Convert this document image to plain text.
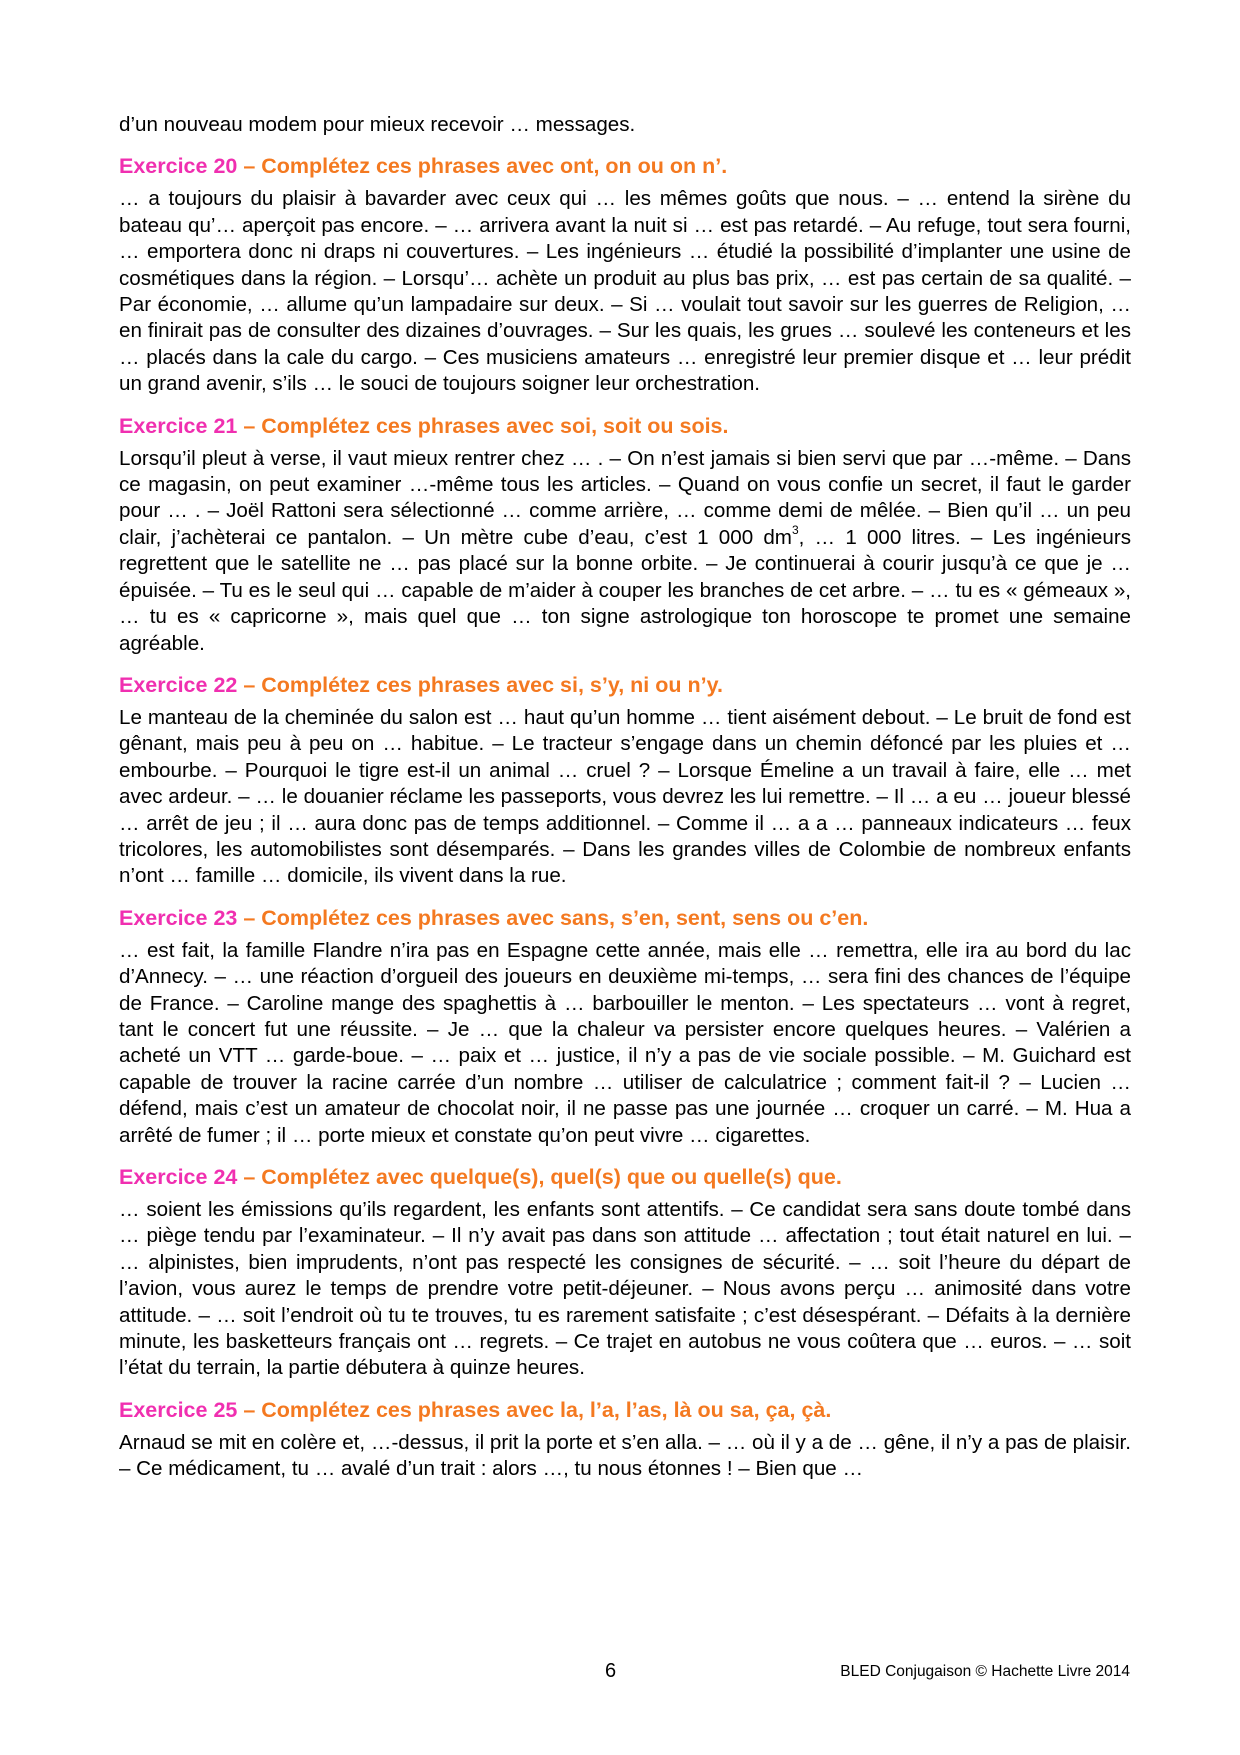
d’un nouveau modem pour mieux recevoir … messages.

Exercice 20 – Complétez ces phrases avec ont, on ou on n’.

… a toujours du plaisir à bavarder avec ceux qui … les mêmes goûts que nous. – … entend la sirène du bateau qu’… aperçoit pas encore. – … arrivera avant la nuit si … est pas retardé. – Au refuge, tout sera fourni, … emportera donc ni draps ni couvertures. – Les ingénieurs … étudié la possibilité d’implanter une usine de cosmétiques dans la région. – Lorsqu’… achète un produit au plus bas prix, … est pas certain de sa qualité. – Par économie, … allume qu’un lampadaire sur deux. – Si … voulait tout savoir sur les guerres de Religion, … en finirait pas de consulter des dizaines d’ouvrages. – Sur les quais, les grues … soulevé les conteneurs et les … placés dans la cale du cargo. – Ces musiciens amateurs … enregistré leur premier disque et … leur prédit un grand avenir, s’ils … le souci de toujours soigner leur orchestration.

Exercice 21 – Complétez ces phrases avec soi, soit ou sois.

Lorsqu’il pleut à verse, il vaut mieux rentrer chez … . – On n’est jamais si bien servi que par …-même. – Dans ce magasin, on peut examiner …-même tous les articles. – Quand on vous confie un secret, il faut le garder pour … . – Joël Rattoni sera sélectionné … comme arrière, … comme demi de mêlée. – Bien qu’il … un peu clair, j’achèterai ce pantalon. – Un mètre cube d’eau, c’est 1 000 $dm^3$, … 1 000 litres. – Les ingénieurs regrettent que le satellite ne … pas placé sur la bonne orbite. – Je continuerai à courir jusqu’à ce que je … épuisée. – Tu es le seul qui … capable de m’aider à couper les branches de cet arbre. – … tu es « gémeaux », … tu es « capricorne », mais quel que … ton signe astrologique ton horoscope te promet une semaine agréable.

Exercice 22 – Complétez ces phrases avec si, s’y, ni ou n’y.

Le manteau de la cheminée du salon est … haut qu’un homme … tient aisément debout. – Le bruit de fond est gênant, mais peu à peu on … habitue. – Le tracteur s’engage dans un chemin défoncé par les pluies et … embourbe. – Pourquoi le tigre est-il un animal … cruel ? – Lorsque Émeline a un travail à faire, elle … met avec ardeur. – … le douanier réclame les passeports, vous devrez les lui remettre. – Il … a eu … joueur blessé … arrêt de jeu ; il … aura donc pas de temps additionnel. – Comme il … a a … panneaux indicateurs … feux tricolores, les automobilistes sont désemparés. – Dans les grandes villes de Colombie de nombreux enfants n’ont … famille … domicile, ils vivent dans la rue.

Exercice 23 – Complétez ces phrases avec sans, s’en, sent, sens ou c’en.

… est fait, la famille Flandre n’ira pas en Espagne cette année, mais elle … remettra, elle ira au bord du lac d’Annecy. – … une réaction d’orgueil des joueurs en deuxième mi-temps, … sera fini des chances de l’équipe de France. – Caroline mange des spaghettis à … barbouiller le menton. – Les spectateurs … vont à regret, tant le concert fut une réussite. – Je … que la chaleur va persister encore quelques heures. – Valérien a acheté un VTT … garde-boue. – … paix et … justice, il n’y a pas de vie sociale possible. – M. Guichard est capable de trouver la racine carrée d’un nombre … utiliser de calculatrice ; comment fait-il ? – Lucien … défend, mais c’est un amateur de chocolat noir, il ne passe pas une journée … croquer un carré. – M. Hua a arrêté de fumer ; il … porte mieux et constate qu’on peut vivre … cigarettes.

Exercice 24 – Complétez avec quelque(s), quel(s) que ou quelle(s) que.

… soient les émissions qu’ils regardent, les enfants sont attentifs. – Ce candidat sera sans doute tombé dans … piège tendu par l’examinateur. – Il n’y avait pas dans son attitude … affectation ; tout était naturel en lui. – … alpinistes, bien imprudents, n’ont pas respecté les consignes de sécurité. – … soit l’heure du départ de l’avion, vous aurez le temps de prendre votre petit-déjeuner. – Nous avons perçu … animosité dans votre attitude. – … soit l’endroit où tu te trouves, tu es rarement satisfaite ; c’est désespérant. – Défaits à la dernière minute, les basketteurs français ont … regrets. – Ce trajet en autobus ne vous coûtera que … euros. – … soit l’état du terrain, la partie débutera à quinze heures.

Exercice 25 – Complétez ces phrases avec la, l’a, l’as, là ou sa, ça, çà.

Arnaud se mit en colère et, …-dessus, il prit la porte et s’en alla. – … où il y a de … gêne, il n’y a pas de plaisir. – Ce médicament, tu … avalé d’un trait : alors …, tu nous étonnes ! – Bien que …

6	BLED Conjugaison © Hachette Livre 2014
